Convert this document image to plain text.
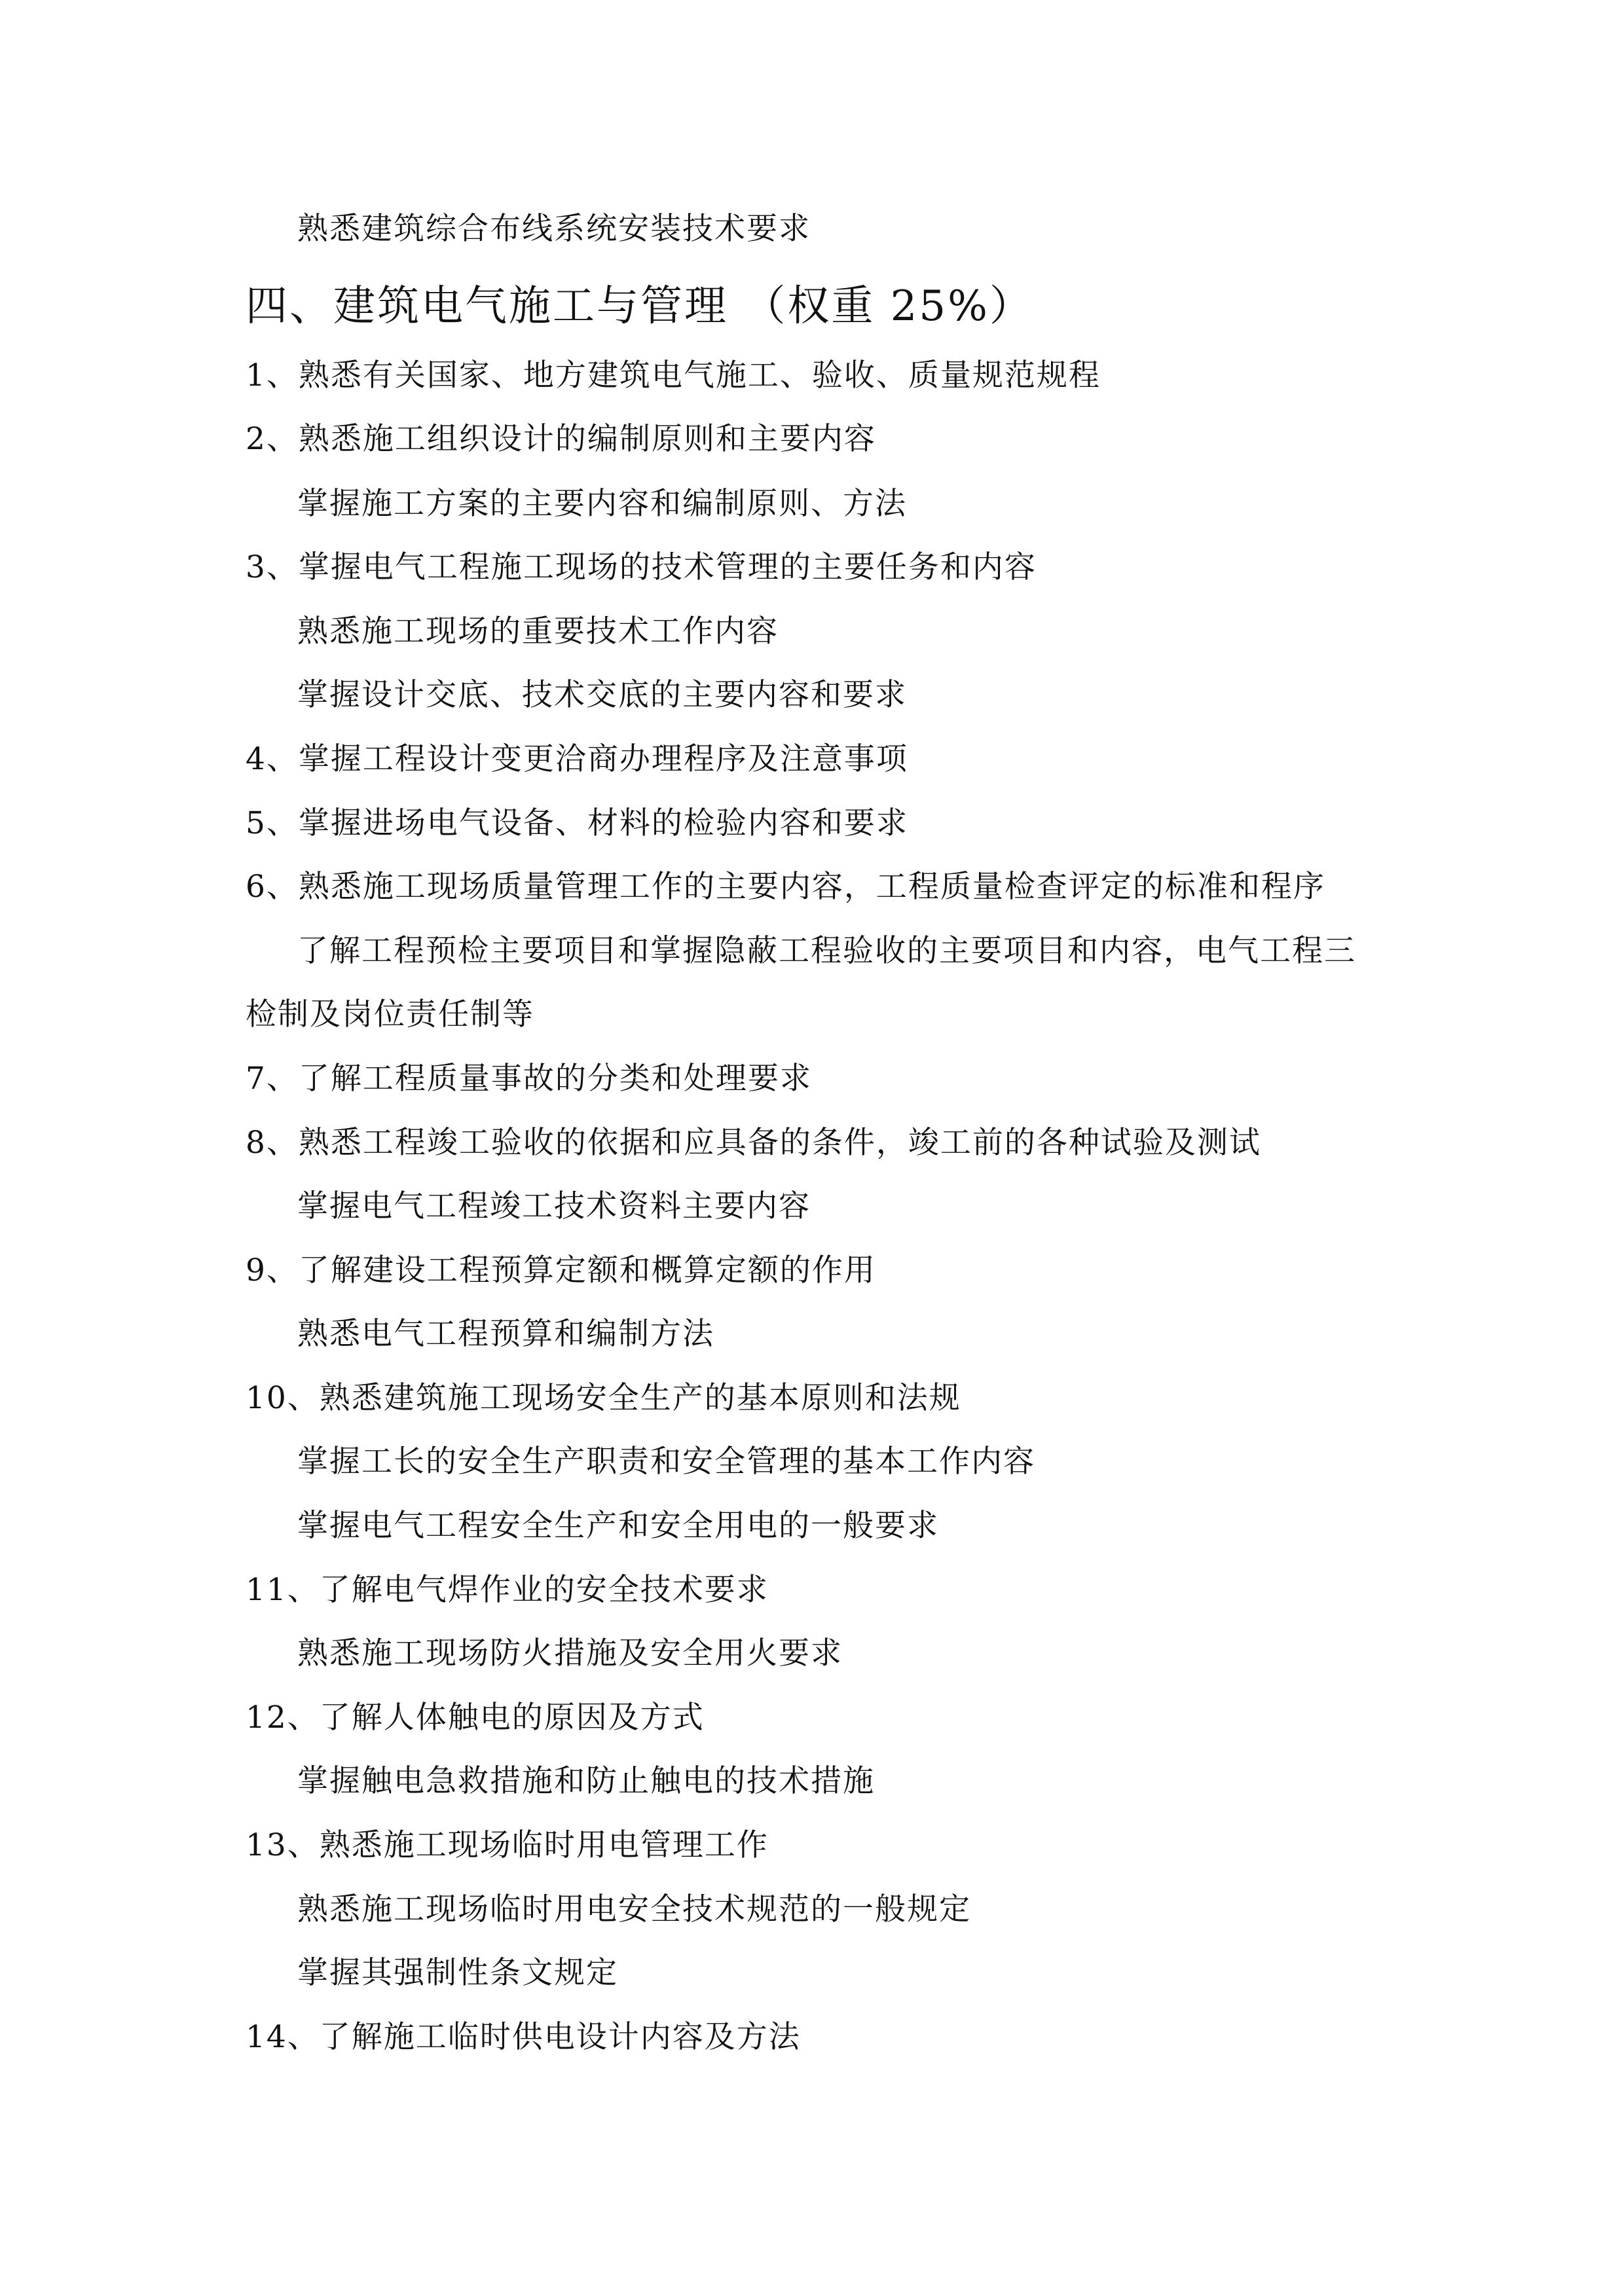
熟悉建筑综合布线系统安装技术要求
四、建筑电气施工与管理 （权重 25%）
1、熟悉有关国家、地方建筑电气施工、验收、质量规范规程
2、熟悉施工组织设计的编制原则和主要内容
掌握施工方案的主要内容和编制原则、方法
3、掌握电气工程施工现场的技术管理的主要任务和内容
熟悉施工现场的重要技术工作内容
掌握设计交底、技术交底的主要内容和要求
4、掌握工程设计变更洽商办理程序及注意事项
5、掌握进场电气设备、材料的检验内容和要求
6、熟悉施工现场质量管理工作的主要内容，工程质量检查评定的标准和程序
了解工程预检主要项目和掌握隐蔽工程验收的主要项目和内容，电气工程三
检制及岗位责任制等
7、了解工程质量事故的分类和处理要求
8、熟悉工程竣工验收的依据和应具备的条件，竣工前的各种试验及测试
掌握电气工程竣工技术资料主要内容
9、了解建设工程预算定额和概算定额的作用
熟悉电气工程预算和编制方法
10、熟悉建筑施工现场安全生产的基本原则和法规
掌握工长的安全生产职责和安全管理的基本工作内容
掌握电气工程安全生产和安全用电的一般要求
11、了解电气焊作业的安全技术要求
熟悉施工现场防火措施及安全用火要求
12、了解人体触电的原因及方式
掌握触电急救措施和防止触电的技术措施
13、熟悉施工现场临时用电管理工作
熟悉施工现场临时用电安全技术规范的一般规定
掌握其强制性条文规定
14、了解施工临时供电设计内容及方法
